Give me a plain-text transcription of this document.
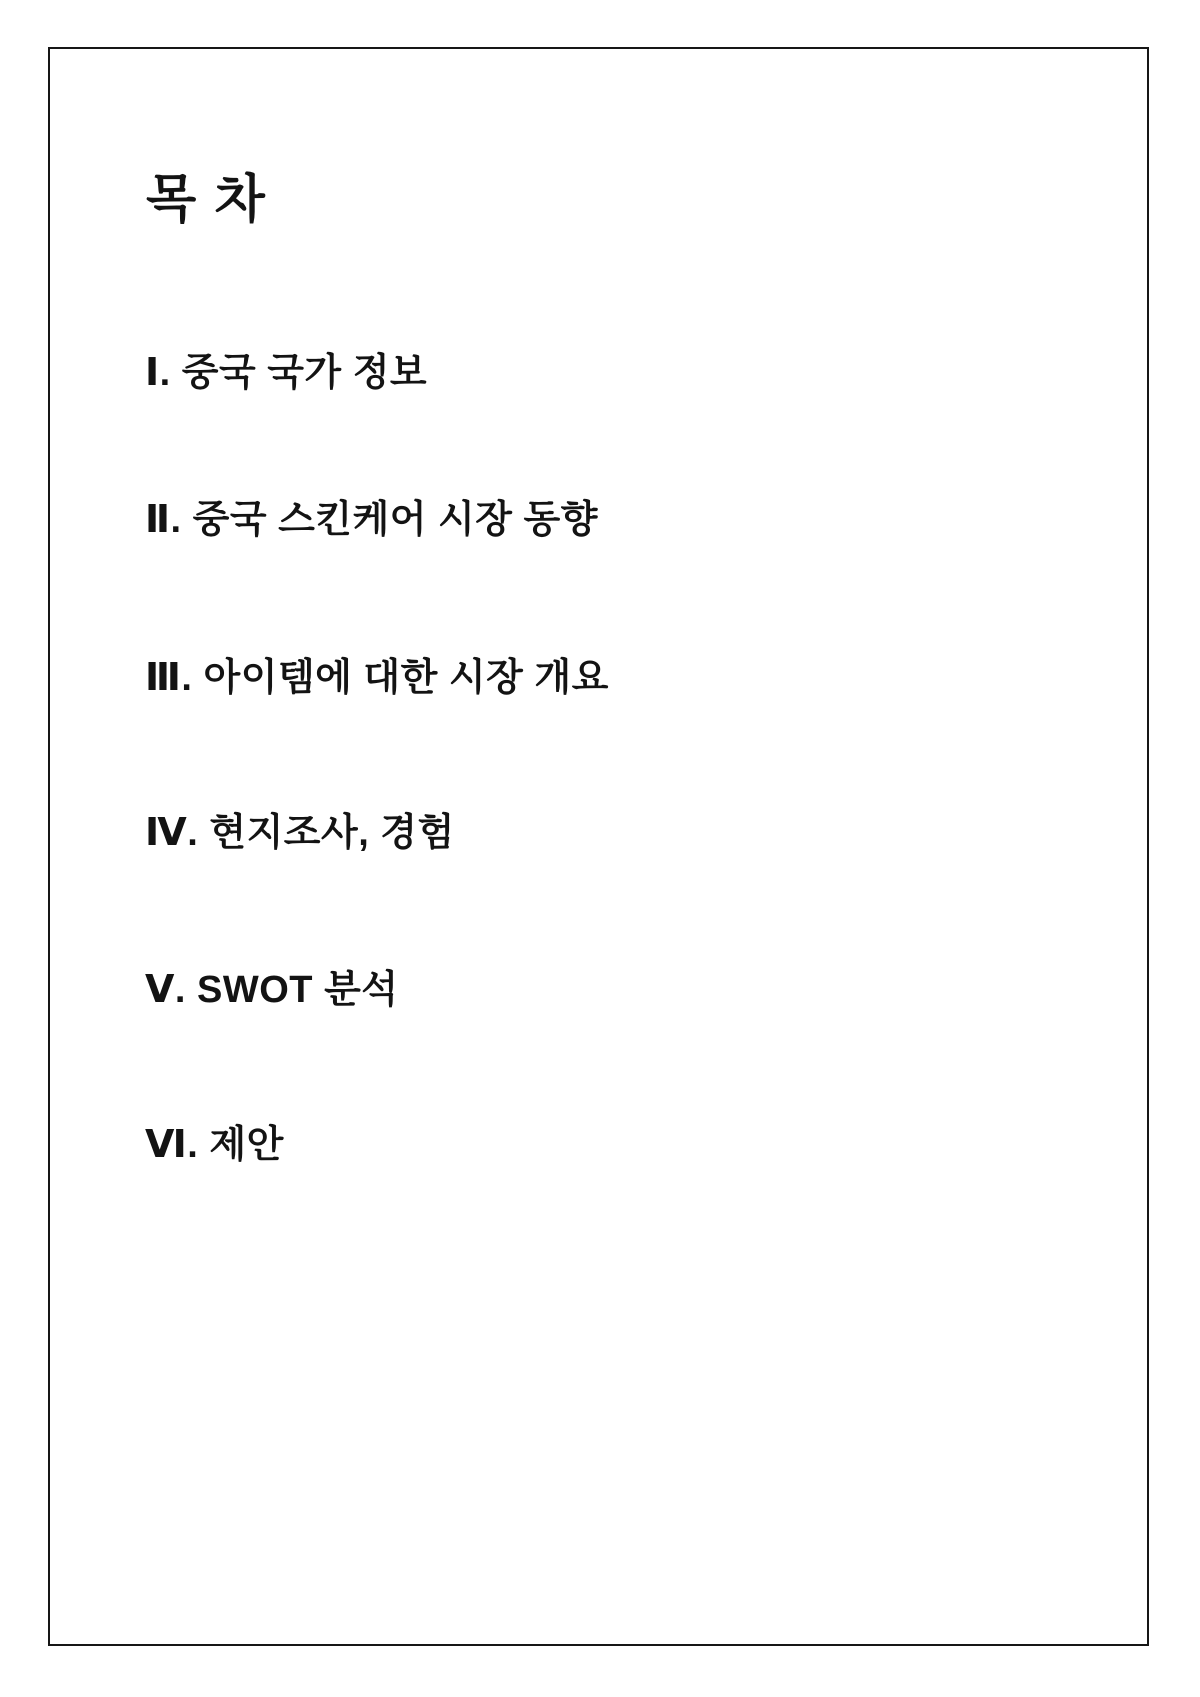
목 차

Ⅰ. 중국 국가 정보

Ⅱ. 중국 스킨케어 시장 동향

Ⅲ. 아이템에 대한 시장 개요

Ⅳ. 현지조사, 경험

Ⅴ. SWOT 분석

Ⅵ. 제안
